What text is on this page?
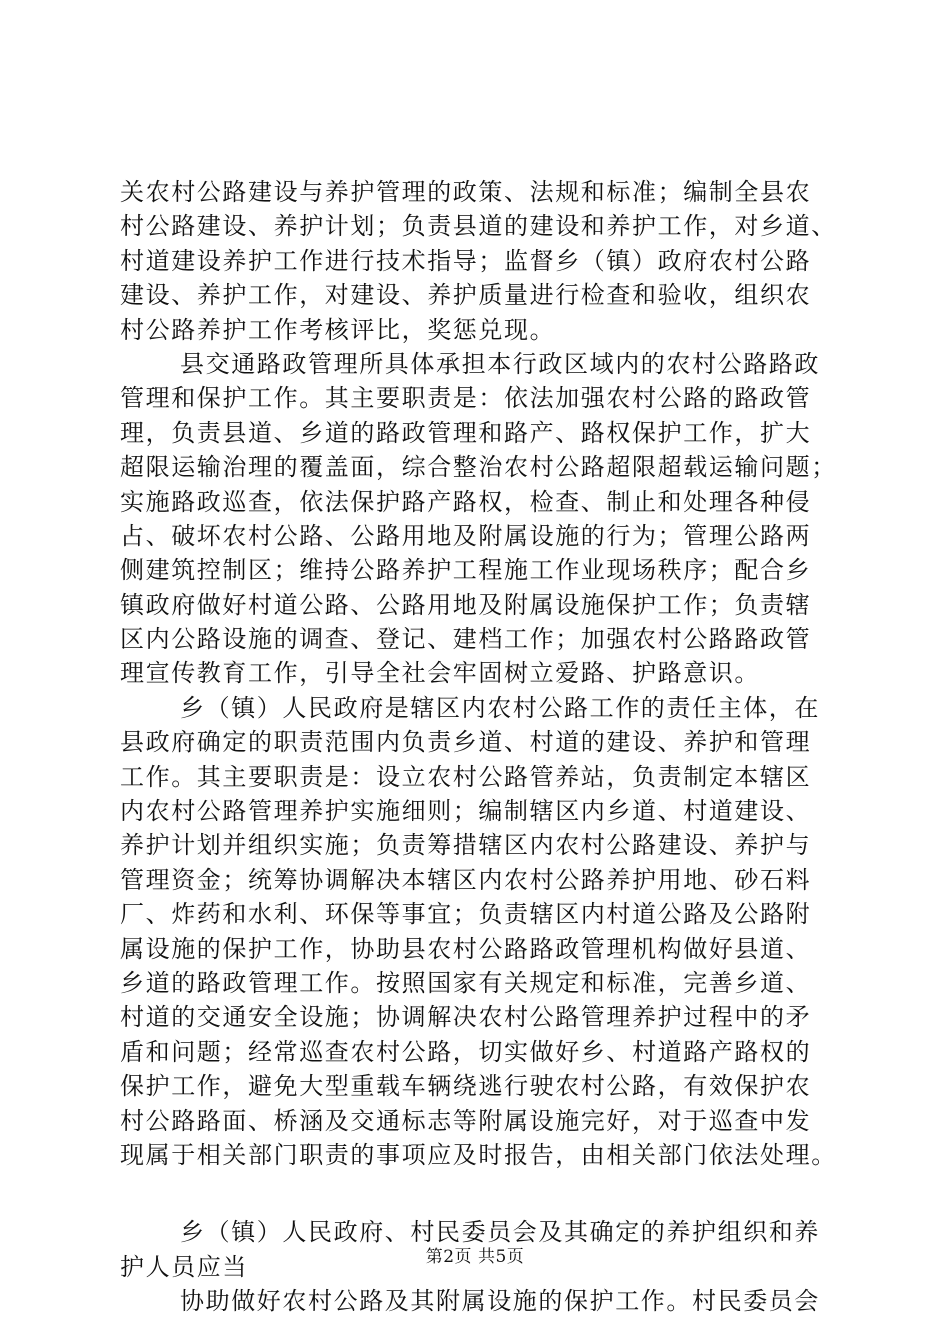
关农村公路建设与养护管理的政策、法规和标准；编制全县农
村公路建设、养护计划；负责县道的建设和养护工作，对乡道、
村道建设养护工作进行技术指导；监督乡（镇）政府农村公路
建设、养护工作，对建设、养护质量进行检查和验收，组织农
村公路养护工作考核评比，奖惩兑现。
县交通路政管理所具体承担本行政区域内的农村公路路政
管理和保护工作。其主要职责是：依法加强农村公路的路政管
理，负责县道、乡道的路政管理和路产、路权保护工作，扩大
超限运输治理的覆盖面，综合整治农村公路超限超载运输问题；
实施路政巡查，依法保护路产路权，检查、制止和处理各种侵
占、破坏农村公路、公路用地及附属设施的行为；管理公路两
侧建筑控制区；维持公路养护工程施工作业现场秩序；配合乡
镇政府做好村道公路、公路用地及附属设施保护工作；负责辖
区内公路设施的调查、登记、建档工作；加强农村公路路政管
理宣传教育工作，引导全社会牢固树立爱路、护路意识。
乡（镇）人民政府是辖区内农村公路工作的责任主体，在
县政府确定的职责范围内负责乡道、村道的建设、养护和管理
工作。其主要职责是：设立农村公路管养站，负责制定本辖区
内农村公路管理养护实施细则；编制辖区内乡道、村道建设、
养护计划并组织实施；负责筹措辖区内农村公路建设、养护与
管理资金；统筹协调解决本辖区内农村公路养护用地、砂石料
厂、炸药和水利、环保等事宜；负责辖区内村道公路及公路附
属设施的保护工作，协助县农村公路路政管理机构做好县道、
乡道的路政管理工作。按照国家有关规定和标准，完善乡道、
村道的交通安全设施；协调解决农村公路管理养护过程中的矛
盾和问题；经常巡查农村公路，切实做好乡、村道路产路权的
保护工作，避免大型重载车辆绕逃行驶农村公路，有效保护农
村公路路面、桥涵及交通标志等附属设施完好，对于巡查中发
现属于相关部门职责的事项应及时报告，由相关部门依法处理。
乡（镇）人民政府、村民委员会及其确定的养护组织和养
护人员应当
协助做好农村公路及其附属设施的保护工作。村民委员会
第2页 共5页
